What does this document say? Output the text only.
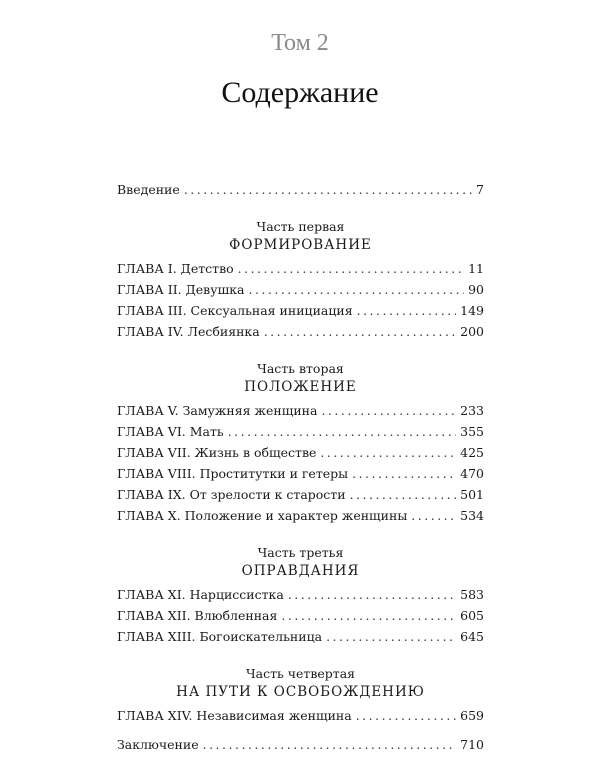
Том 2
Содержание
Введение .....	7
Часть первая
ФОРМИРОВАНИЕ
ГЛАВА I. Детство .....	11
ГЛАВА II. Девушка .....	90
ГЛАВА III. Сексуальная инициация .....	149
ГЛАВА IV. Лесбиянка .....	200
Часть вторая
ПОЛОЖЕНИЕ
ГЛАВА V. Замужняя женщина .....	233
ГЛАВА VI. Мать .....	355
ГЛАВА VII. Жизнь в обществе .....	425
ГЛАВА VIII. Проститутки и гетеры .....	470
ГЛАВА IX. От зрелости к старости .....	501
ГЛАВА X. Положение и характер женщины .....	534
Часть третья
ОПРАВДАНИЯ
ГЛАВА XI. Нарциссистка .....	583
ГЛАВА XII. Влюбленная .....	605
ГЛАВА XIII. Богоискательница .....	645
Часть четвертая
НА ПУТИ К ОСВОБОЖДЕНИЮ
ГЛАВА XIV. Независимая женщина .....	659
Заключение .....	710
